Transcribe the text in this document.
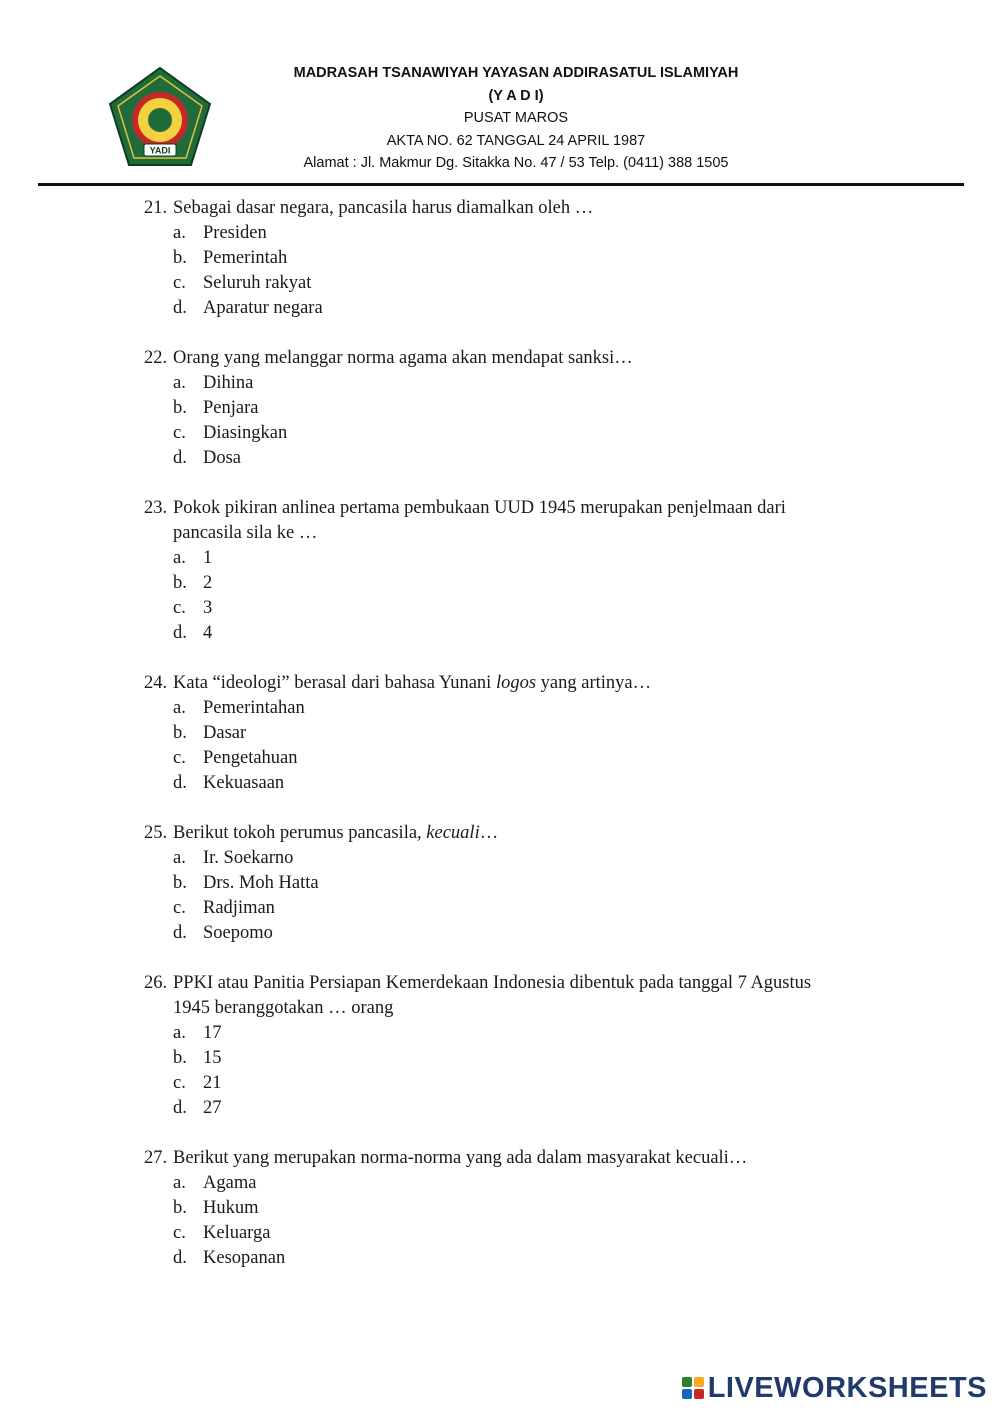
YADI
MADRASAH TSANAWIYAH YAYASAN ADDIRASATUL ISLAMIYAH
(Y A D I)
PUSAT MAROS
AKTA NO. 62 TANGGAL 24 APRIL 1987
Alamat : Jl. Makmur Dg. Sitakka No. 47 / 53 Telp. (0411) 388 1505
21. Sebagai dasar negara, pancasila harus diamalkan oleh …
a. Presiden
b. Pemerintah
c. Seluruh rakyat
d. Aparatur negara
22. Orang yang melanggar norma agama akan mendapat sanksi…
a. Dihina
b. Penjara
c. Diasingkan
d. Dosa
23. Pokok pikiran anlinea pertama pembukaan UUD 1945 merupakan penjelmaan dari pancasila sila ke …
a. 1
b. 2
c. 3
d. 4
24. Kata “ideologi” berasal dari bahasa Yunani logos yang artinya…
a. Pemerintahan
b. Dasar
c. Pengetahuan
d. Kekuasaan
25. Berikut tokoh perumus pancasila, kecuali…
a. Ir. Soekarno
b. Drs. Moh Hatta
c. Radjiman
d. Soepomo
26. PPKI atau Panitia Persiapan Kemerdekaan Indonesia dibentuk pada tanggal 7 Agustus 1945 beranggotakan … orang
a. 17
b. 15
c. 21
d. 27
27. Berikut yang merupakan norma-norma yang ada dalam masyarakat kecuali…
a. Agama
b. Hukum
c. Keluarga
d. Kesopanan
LIVEWORKSHEETS
